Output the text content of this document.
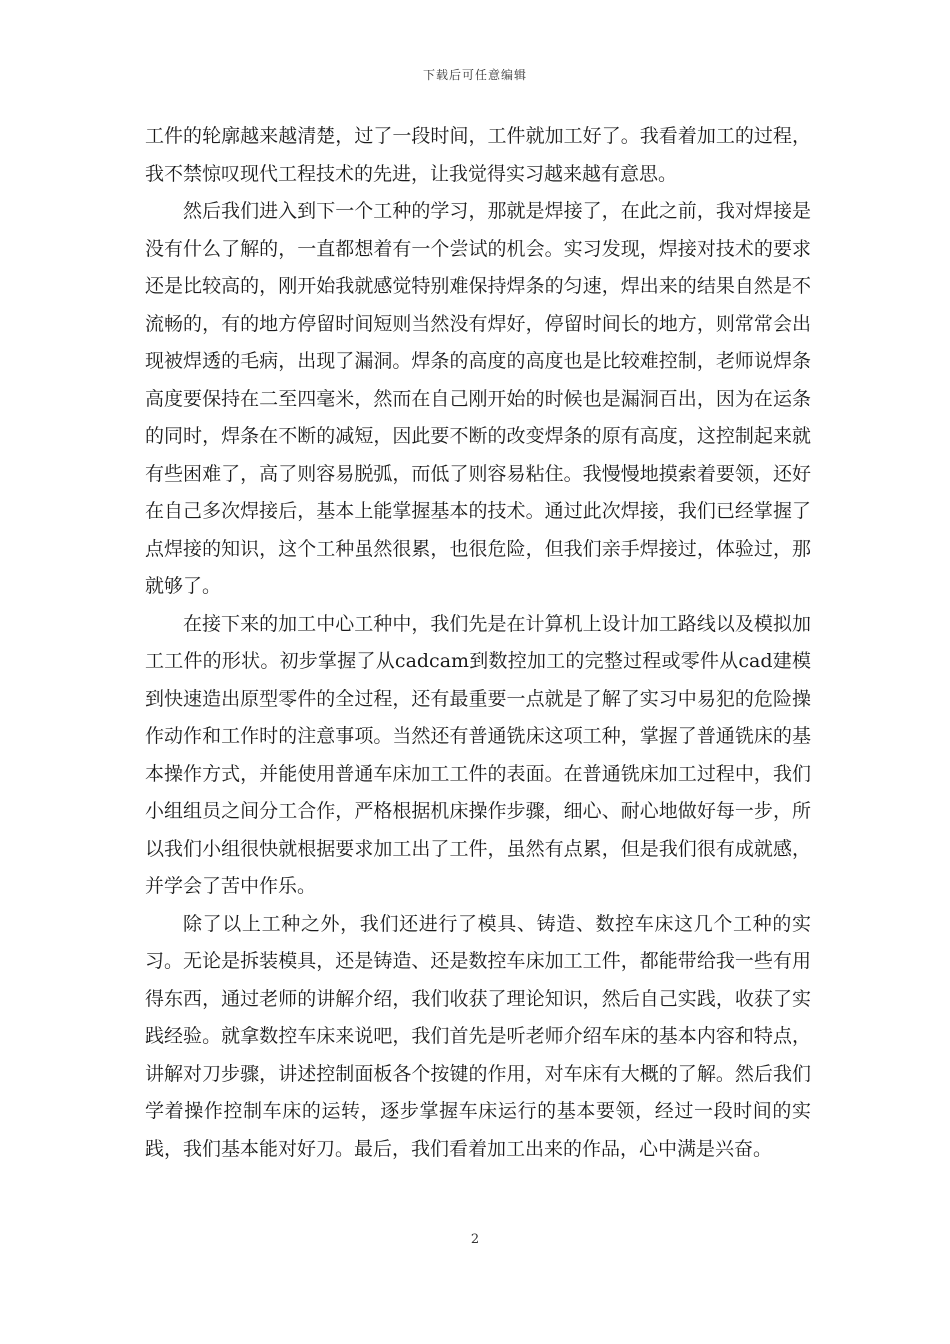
下载后可任意编辑

工件的轮廓越来越清楚，过了一段时间，工件就加工好了。我看着加工的过程，我不禁惊叹现代工程技术的先进，让我觉得实习越来越有意思。

然后我们进入到下一个工种的学习，那就是焊接了，在此之前，我对焊接是没有什么了解的，一直都想着有一个尝试的机会。实习发现，焊接对技术的要求还是比较高的，刚开始我就感觉特别难保持焊条的匀速，焊出来的结果自然是不流畅的，有的地方停留时间短则当然没有焊好，停留时间长的地方，则常常会出现被焊透的毛病，出现了漏洞。焊条的高度的高度也是比较难控制，老师说焊条高度要保持在二至四毫米，然而在自己刚开始的时候也是漏洞百出，因为在运条的同时，焊条在不断的减短，因此要不断的改变焊条的原有高度，这控制起来就有些困难了，高了则容易脱弧，而低了则容易粘住。我慢慢地摸索着要领，还好在自己多次焊接后，基本上能掌握基本的技术。通过此次焊接，我们已经掌握了点焊接的知识，这个工种虽然很累，也很危险，但我们亲手焊接过，体验过，那就够了。

在接下来的加工中心工种中，我们先是在计算机上设计加工路线以及模拟加工工件的形状。初步掌握了从cadcam到数控加工的完整过程或零件从cad建模到快速造出原型零件的全过程，还有最重要一点就是了解了实习中易犯的危险操作动作和工作时的注意事项。当然还有普通铣床这项工种，掌握了普通铣床的基本操作方式，并能使用普通车床加工工件的表面。在普通铣床加工过程中，我们小组组员之间分工合作，严格根据机床操作步骤，细心、耐心地做好每一步，所以我们小组很快就根据要求加工出了工件，虽然有点累，但是我们很有成就感，并学会了苦中作乐。

除了以上工种之外，我们还进行了模具、铸造、数控车床这几个工种的实习。无论是拆装模具，还是铸造、还是数控车床加工工件，都能带给我一些有用得东西，通过老师的讲解介绍，我们收获了理论知识，然后自己实践，收获了实践经验。就拿数控车床来说吧，我们首先是听老师介绍车床的基本内容和特点，讲解对刀步骤，讲述控制面板各个按键的作用，对车床有大概的了解。然后我们学着操作控制车床的运转，逐步掌握车床运行的基本要领，经过一段时间的实践，我们基本能对好刀。最后，我们看着加工出来的作品，心中满是兴奋。

2
